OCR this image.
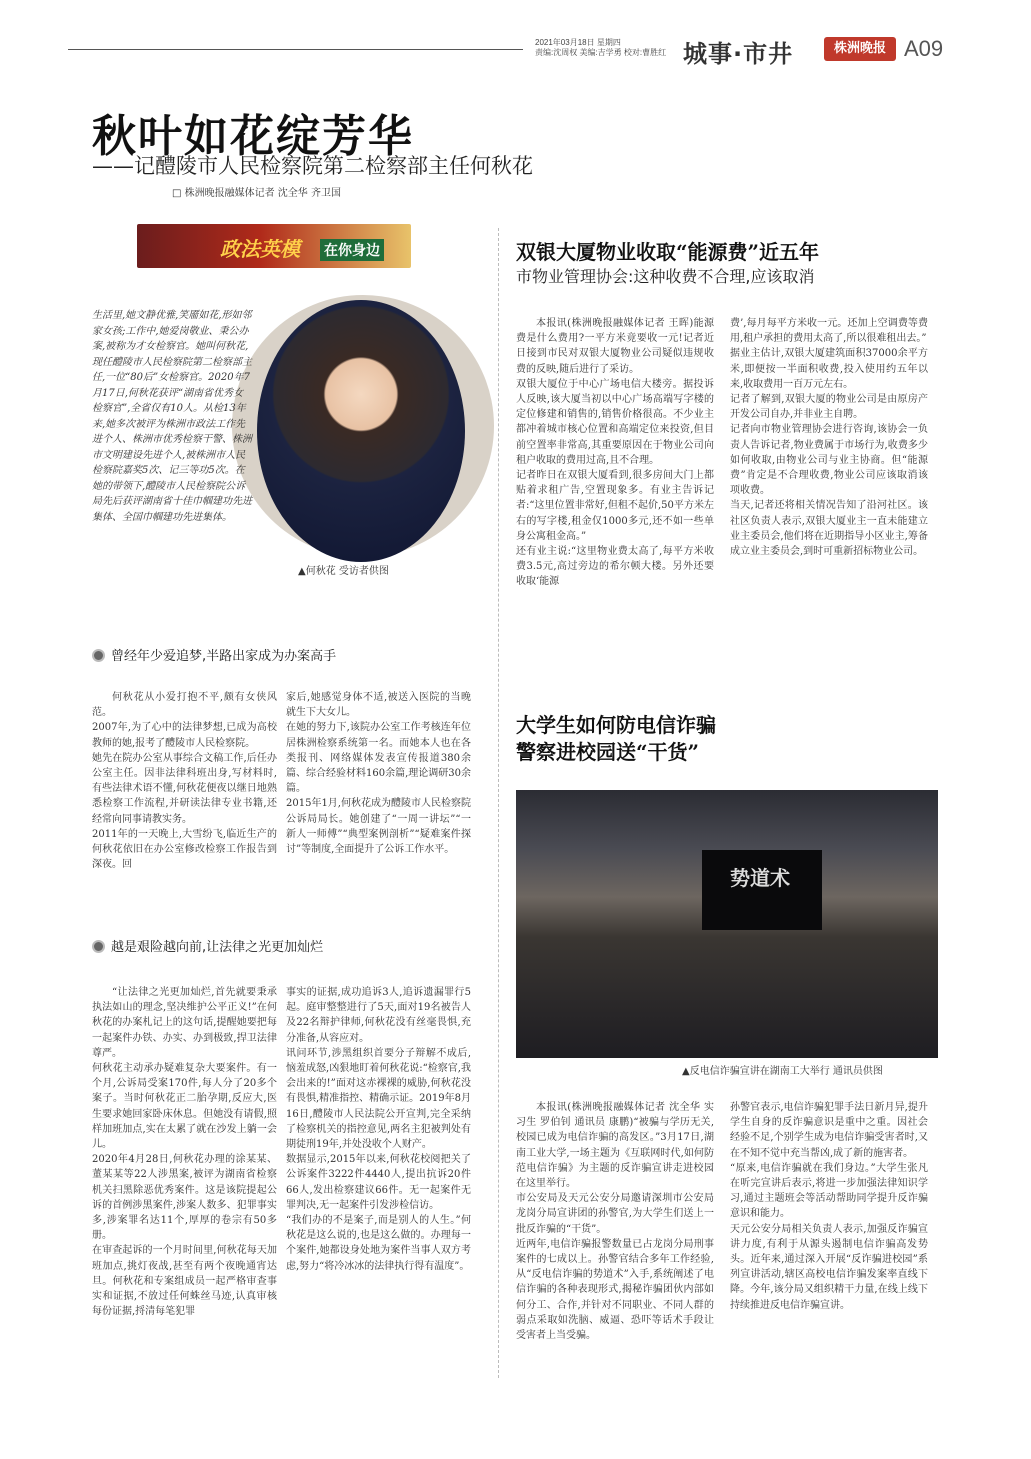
2021年03月18日 星期四
责编:沈周权 美编:吉学勇 校对:曹胜红 城事·市井	株洲晚报 A09
秋叶如花绽芳华
——记醴陵市人民检察院第二检察部主任何秋花
□ 株洲晚报融媒体记者 沈全华 齐卫国
政法英模 在你身边
▲何秋花 受访者供图
生活里,她文静优雅,笑靥如花,形如邻家女孩;工作中,她爱岗敬业、秉公办案,被称为才女检察官。她叫何秋花,现任醴陵市人民检察院第二检察部主任,一位“80后”女检察官。2020年7月17日,何秋花获评“湖南省优秀女检察官”,全省仅有10人。从检13年来,她多次被评为株洲市政法工作先进个人、株洲市优秀检察干警、株洲市文明建设先进个人,被株洲市人民检察院嘉奖5次、记三等功5次。在她的带领下,醴陵市人民检察院公诉局先后获评湖南省十佳巾帼建功先进集体、全国巾帼建功先进集体。
曾经年少爱追梦,半路出家成为办案高手

何秋花从小爱打抱不平,颇有女侠风范。
2007年,为了心中的法律梦想,已成为高校教师的她,报考了醴陵市人民检察院。
她先在院办公室从事综合文稿工作,后任办公室主任。因非法律科班出身,写材料时,有些法律术语不懂,何秋花便夜以继日地熟悉检察工作流程,并研读法律专业书籍,还经常向同事请教实务。
2011年的一天晚上,大雪纷飞,临近生产的何秋花依旧在办公室修改检察工作报告到深夜。回

家后,她感觉身体不适,被送入医院的当晚就生下大女儿。
在她的努力下,该院办公室工作考核连年位居株洲检察系统第一名。而她本人也在各类报刊、网络媒体发表宣传报道380余篇、综合经验材料160余篇,理论调研30余篇。
2015年1月,何秋花成为醴陵市人民检察院公诉局局长。她创建了“一周一讲坛”“一新人一师傅”“典型案例剖析”“疑难案件探讨”等制度,全面提升了公诉工作水平。

越是艰险越向前,让法律之光更加灿烂

“让法律之光更加灿烂,首先就要秉承执法如山的理念,坚决维护公平正义!”在何秋花的办案札记上的这句话,提醒她要把每一起案件办铁、办实、办到极致,捍卫法律尊严。
何秋花主动承办疑难复杂大要案件。有一个月,公诉局受案170件,每人分了20多个案子。当时何秋花正二胎孕期,反应大,医生要求她回家卧床休息。但她没有请假,照样加班加点,实在太累了就在沙发上躺一会儿。
2020年4月28日,何秋花办理的涂某某、董某某等22人涉黑案,被评为湖南省检察机关扫黑除恶优秀案件。这是该院提起公诉的首例涉黑案件,涉案人数多、犯罪事实多,涉案罪名达11个,厚厚的卷宗有50多册。
在审查起诉的一个月时间里,何秋花每天加班加点,挑灯夜战,甚至有两个夜晚通宵达旦。何秋花和专案组成员一起严格审查事实和证据,不放过任何蛛丝马迹,认真审核每份证据,捋清每笔犯罪

事实的证据,成功追诉3人,追诉遗漏罪行5起。庭审整整进行了5天,面对19名被告人及22名辩护律师,何秋花没有丝毫畏惧,充分准备,从容应对。
讯问环节,涉黑组织首要分子辩解不成后,恼羞成怒,凶狠地盯着何秋花说:“检察官,我会出来的!”面对这赤裸裸的威胁,何秋花没有畏惧,精准指控、精确示证。2019年8月16日,醴陵市人民法院公开宣判,完全采纳了检察机关的指控意见,两名主犯被判处有期徒刑19年,并处没收个人财产。
数据显示,2015年以来,何秋花校阅把关了公诉案件3222件4440人,提出抗诉20件66人,发出检察建议66件。无一起案件无罪判决,无一起案件引发涉检信访。
“我们办的不是案子,而是别人的人生。”何秋花是这么说的,也是这么做的。办理每一个案件,她都设身处地为案件当事人双方考虑,努力“将冷冰冰的法律执行得有温度”。

双银大厦物业收取“能源费”近五年
市物业管理协会:这种收费不合理,应该取消

本报讯(株洲晚报融媒体记者 王晖)能源费是什么费用?一平方米竟要收一元!记者近日接到市民对双银大厦物业公司疑似违规收费的反映,随后进行了采访。
双银大厦位于中心广场电信大楼旁。据投诉人反映,该大厦当初以中心广场高端写字楼的定位修建和销售的,销售价格很高。不少业主都冲着城市核心位置和高端定位来投资,但目前空置率非常高,其重要原因在于物业公司向租户收取的费用过高,且不合理。
记者昨日在双银大厦看到,很多房间大门上都贴着求租广告,空置现象多。有业主告诉记者:“这里位置非常好,但租不起价,50平方米左右的写字楼,租金仅1000多元,还不如一些单身公寓租金高。”
还有业主说:“这里物业费太高了,每平方米收费3.5元,高过旁边的希尔顿大楼。另外还要收取‘能源

费’,每月每平方米收一元。还加上空调费等费用,租户承担的费用太高了,所以很难租出去。”
据业主估计,双银大厦建筑面积37000余平方米,即便按一半面积收费,投入使用约五年以来,收取费用一百万元左右。
记者了解到,双银大厦的物业公司是由原房产开发公司自办,并非业主自聘。
记者向市物业管理协会进行咨询,该协会一负责人告诉记者,物业费属于市场行为,收费多少如何收取,由物业公司与业主协商。但“能源费”肯定是不合理收费,物业公司应该取消该项收费。
当天,记者还将相关情况告知了沿河社区。该社区负责人表示,双银大厦业主一直未能建立业主委员会,他们将在近期指导小区业主,筹备成立业主委员会,到时可重新招标物业公司。

大学生如何防电信诈骗
警察进校园送“干货”
势道术
▲反电信诈骗宣讲在湖南工大举行 通讯员供图

本报讯(株洲晚报融媒体记者 沈全华 实习生 罗伯钊 通讯员 康鹏)“被骗与学历无关,校园已成为电信诈骗的高发区。”3月17日,湖南工业大学,一场主题为《互联网时代,如何防范电信诈骗》为主题的反诈骗宣讲走进校园在这里举行。
市公安局及天元公安分局邀请深圳市公安局龙岗分局宣讲团的孙警官,为大学生们送上一批反诈骗的“干货”。
近两年,电信诈骗报警数量已占龙岗分局刑事案件的七成以上。孙警官结合多年工作经验,从“反电信诈骗的势道术”入手,系统阐述了电信诈骗的各种表现形式,揭秘诈骗团伙内部如何分工、合作,并针对不同职业、不同人群的弱点采取如洗脑、威逼、恐吓等话术手段让受害者上当受骗。

孙警官表示,电信诈骗犯罪手法日新月异,提升学生自身的反诈骗意识是重中之重。因社会经验不足,个别学生成为电信诈骗受害者时,又在不知不觉中充当帮凶,成了新的施害者。
“原来,电信诈骗就在我们身边。”大学生张凡在听完宣讲后表示,将进一步加强法律知识学习,通过主题班会等活动帮助同学提升反诈骗意识和能力。
天元公安分局相关负责人表示,加强反诈骗宣讲力度,有利于从源头遏制电信诈骗高发势头。近年来,通过深入开展“反诈骗进校园”系列宣讲活动,辖区高校电信诈骗发案率直线下降。今年,该分局又组织精干力量,在线上线下持续推进反电信诈骗宣讲。
